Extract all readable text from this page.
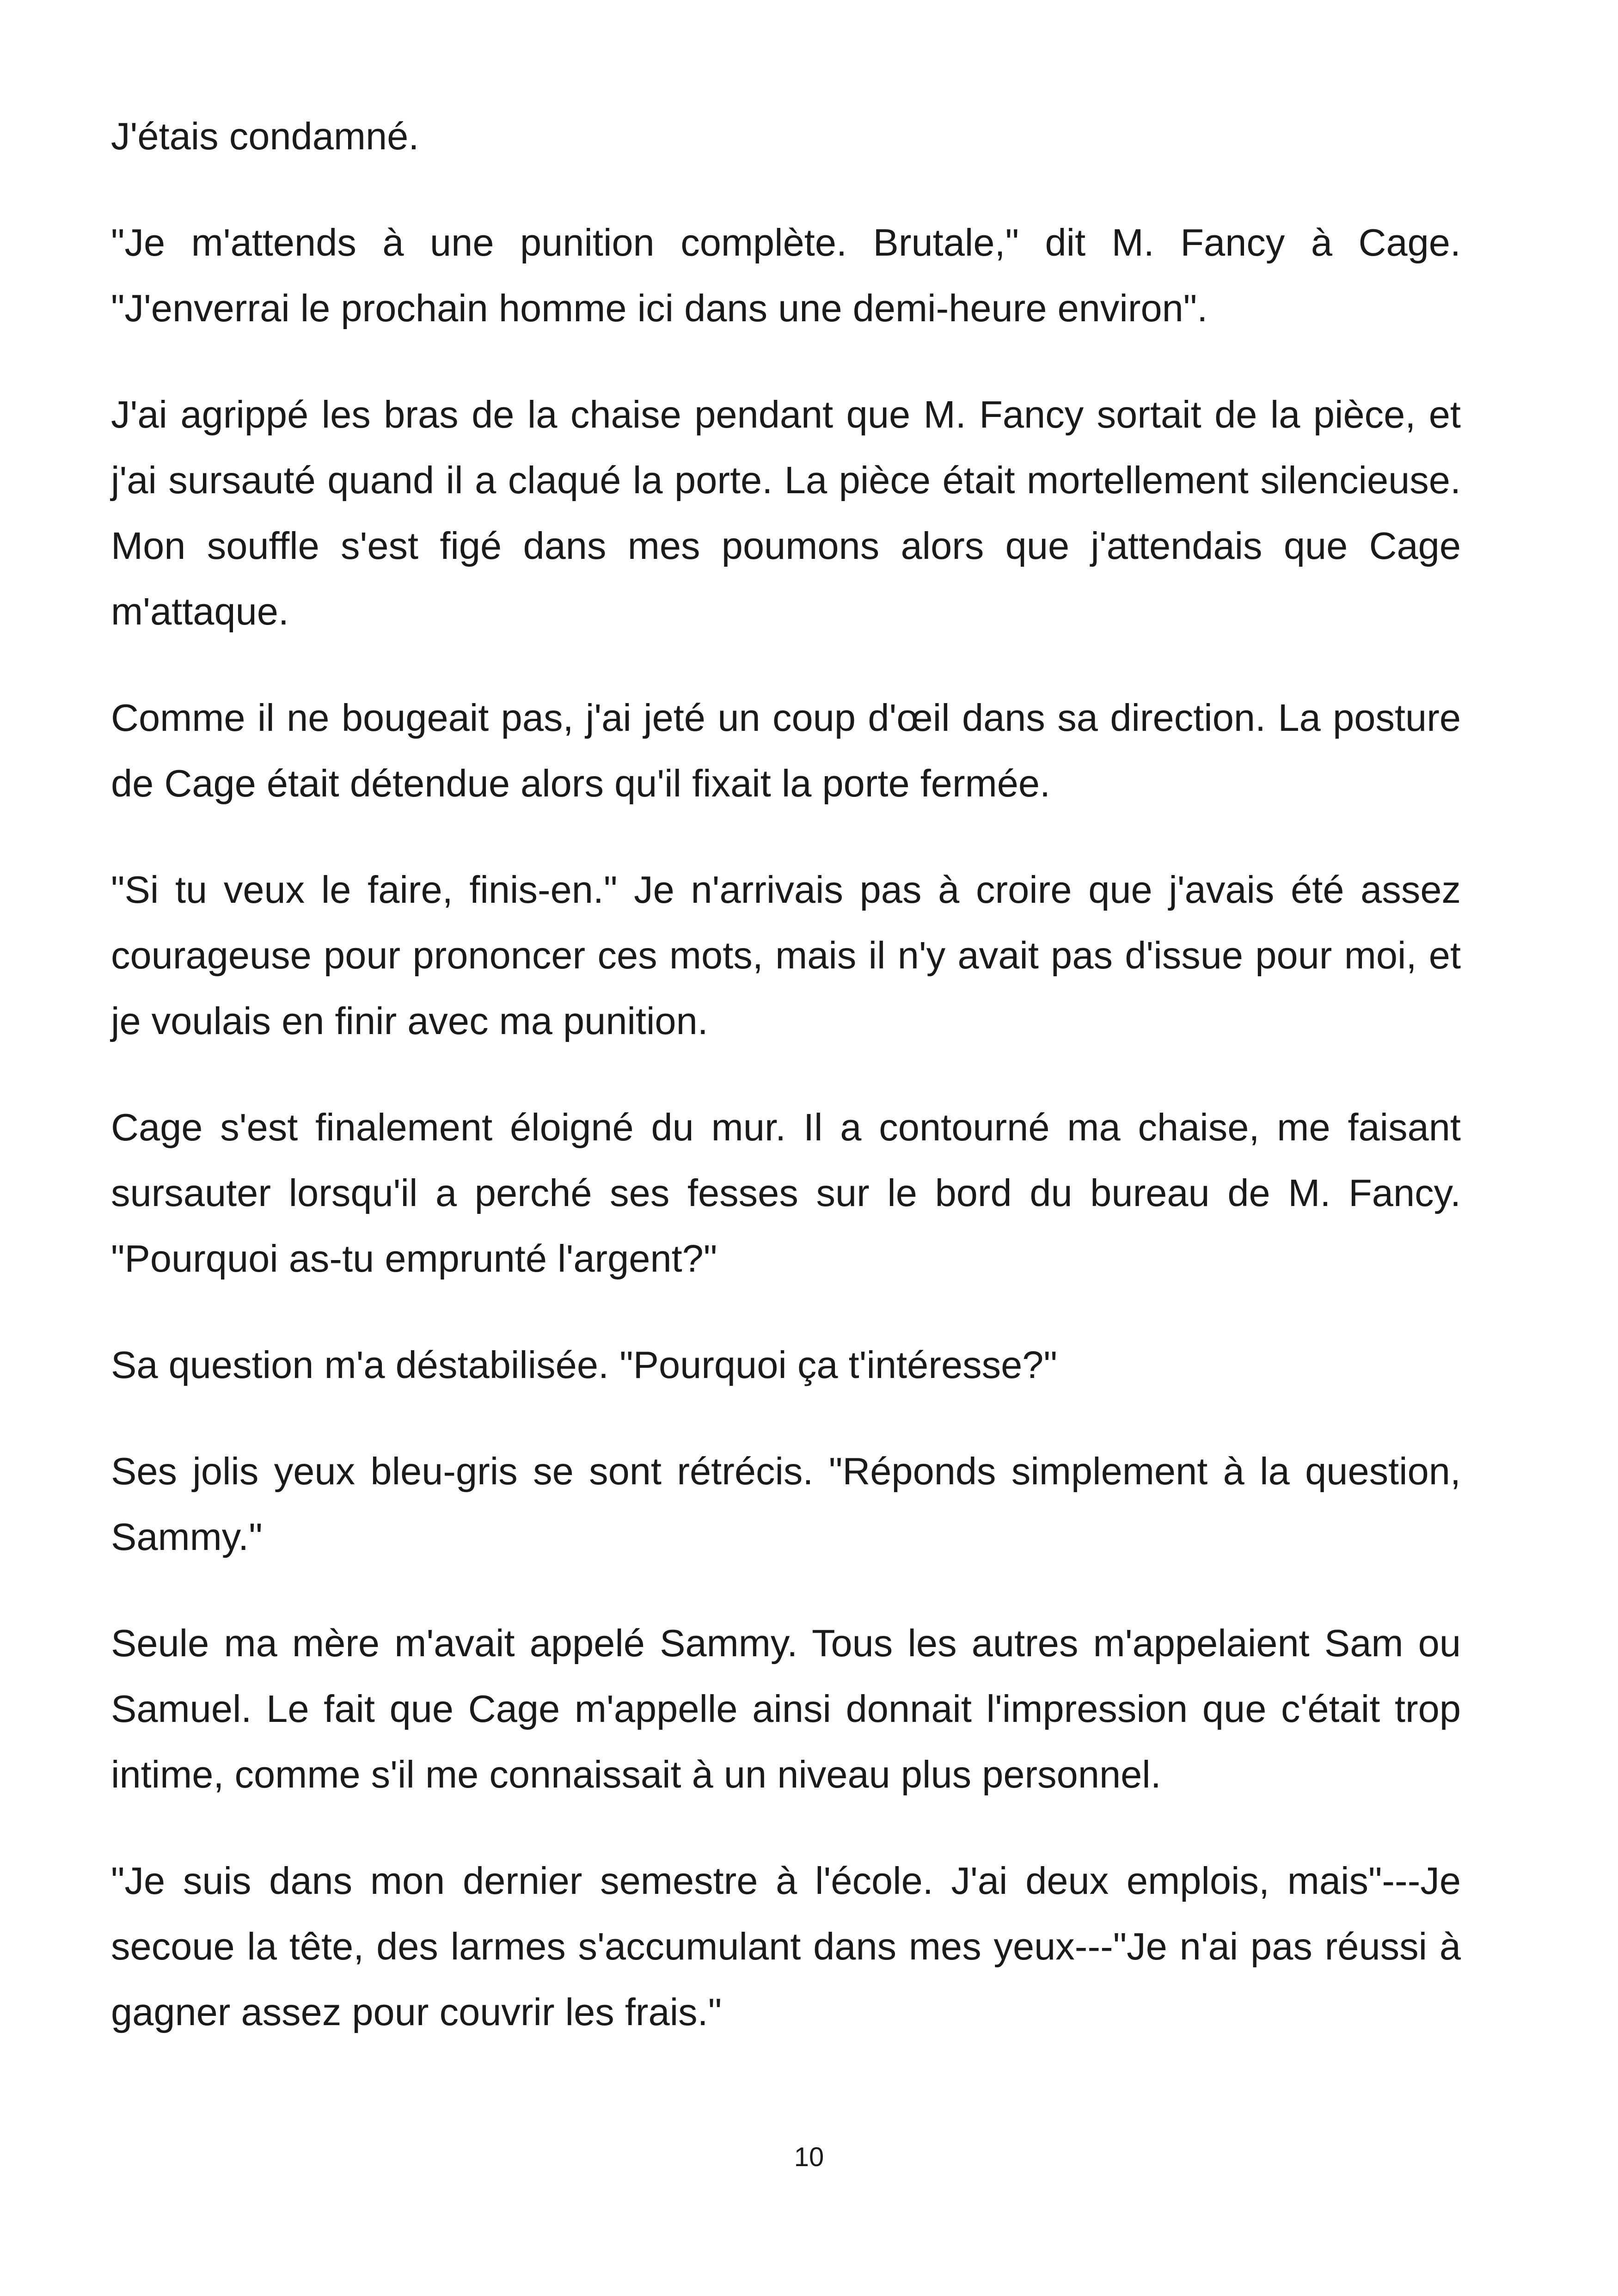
J'étais condamné.

"Je m'attends à une punition complète. Brutale," dit M. Fancy à Cage. "J'enverrai le prochain homme ici dans une demi-heure environ".

J'ai agrippé les bras de la chaise pendant que M. Fancy sortait de la pièce, et j'ai sursauté quand il a claqué la porte. La pièce était mortellement silencieuse. Mon souffle s'est figé dans mes poumons alors que j'attendais que Cage m'attaque.

Comme il ne bougeait pas, j'ai jeté un coup d'œil dans sa direction. La posture de Cage était détendue alors qu'il fixait la porte fermée.

"Si tu veux le faire, finis-en." Je n'arrivais pas à croire que j'avais été assez courageuse pour prononcer ces mots, mais il n'y avait pas d'issue pour moi, et je voulais en finir avec ma punition.

Cage s'est finalement éloigné du mur. Il a contourné ma chaise, me faisant sursauter lorsqu'il a perché ses fesses sur le bord du bureau de M. Fancy. "Pourquoi as-tu emprunté l'argent?"

Sa question m'a déstabilisée. "Pourquoi ça t'intéresse?"

Ses jolis yeux bleu-gris se sont rétrécis. "Réponds simplement à la question, Sammy."

Seule ma mère m'avait appelé Sammy. Tous les autres m'appelaient Sam ou Samuel. Le fait que Cage m'appelle ainsi donnait l'impression que c'était trop intime, comme s'il me connaissait à un niveau plus personnel.

"Je suis dans mon dernier semestre à l'école. J'ai deux emplois, mais"---Je secoue la tête, des larmes s'accumulant dans mes yeux---"Je n'ai pas réussi à gagner assez pour couvrir les frais."

10
